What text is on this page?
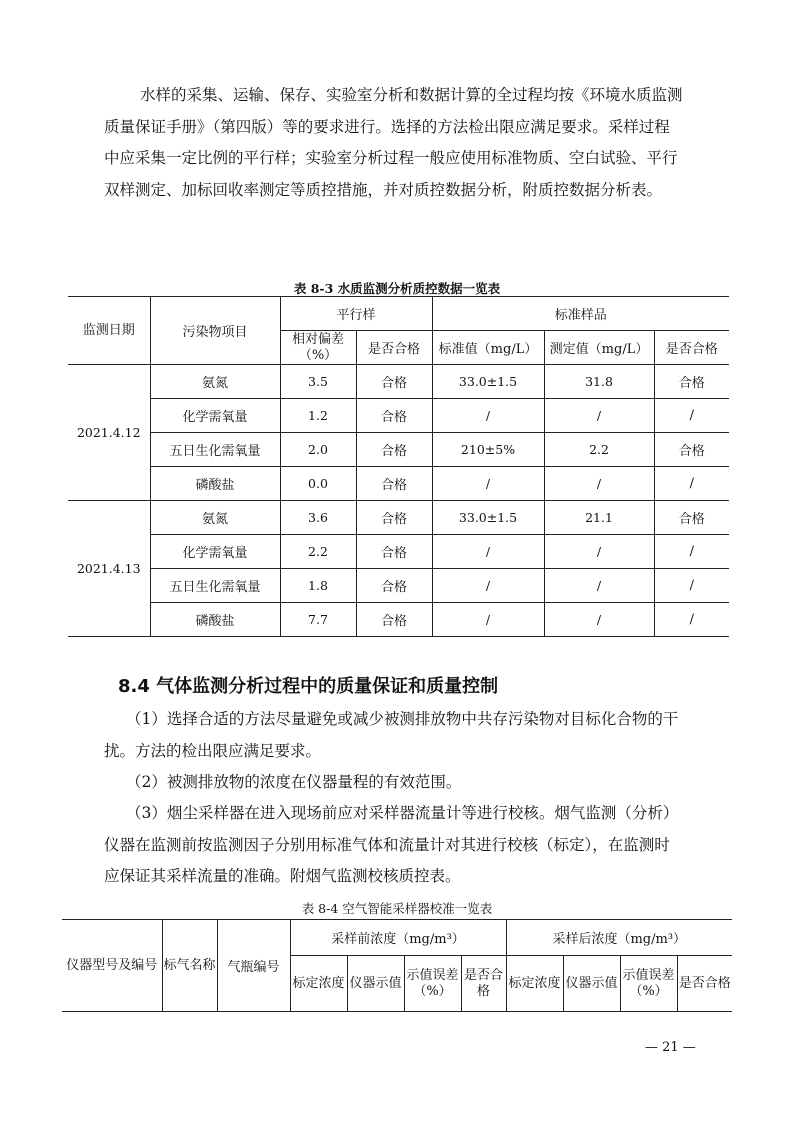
水样的采集、运输、保存、实验室分析和数据计算的全过程均按《环境水质监测质量保证手册》（第四版）等的要求进行。选择的方法检出限应满足要求。采样过程中应采集一定比例的平行样；实验室分析过程一般应使用标准物质、空白试验、平行双样测定、加标回收率测定等质控措施，并对质控数据分析，附质控数据分析表。

表 8-3 水质监测分析质控数据一览表
监测日期	污染物项目	平行样		标准样品		
		相对偏差（%）	是否合格	标准值（mg/L）	测定值（mg/L）	是否合格
2021.4.12	氨氮	3.5	合格	33.0±1.5	31.8	合格
	化学需氧量	1.2	合格	/	/	/
	五日生化需氧量	2.0	合格	210±5%	2.2	合格
	磷酸盐	0.0	合格	/	/	/
2021.4.13	氨氮	3.6	合格	33.0±1.5	21.1	合格
	化学需氧量	2.2	合格	/	/	/
	五日生化需氧量	1.8	合格	/	/	/
	磷酸盐	7.7	合格	/	/	/
8.4 气体监测分析过程中的质量保证和质量控制

（1）选择合适的方法尽量避免或减少被测排放物中共存污染物对目标化合物的干扰。方法的检出限应满足要求。

（2）被测排放物的浓度在仪器量程的有效范围。

（3）烟尘采样器在进入现场前应对采样器流量计等进行校核。烟气监测（分析）仪器在监测前按监测因子分别用标准气体和流量计对其进行校核（标定），在监测时应保证其采样流量的准确。附烟气监测校核质控表。

表 8-4 空气智能采样器校准一览表
仪器型号及编号	标气名称	气瓶编号	采样前浓度（mg/m³）				采样后浓度（mg/m³）			
			标定浓度	仪器示值	示值误差（%）	是否合格	标定浓度	仪器示值	示值误差（%）	是否合格
— 21 —
